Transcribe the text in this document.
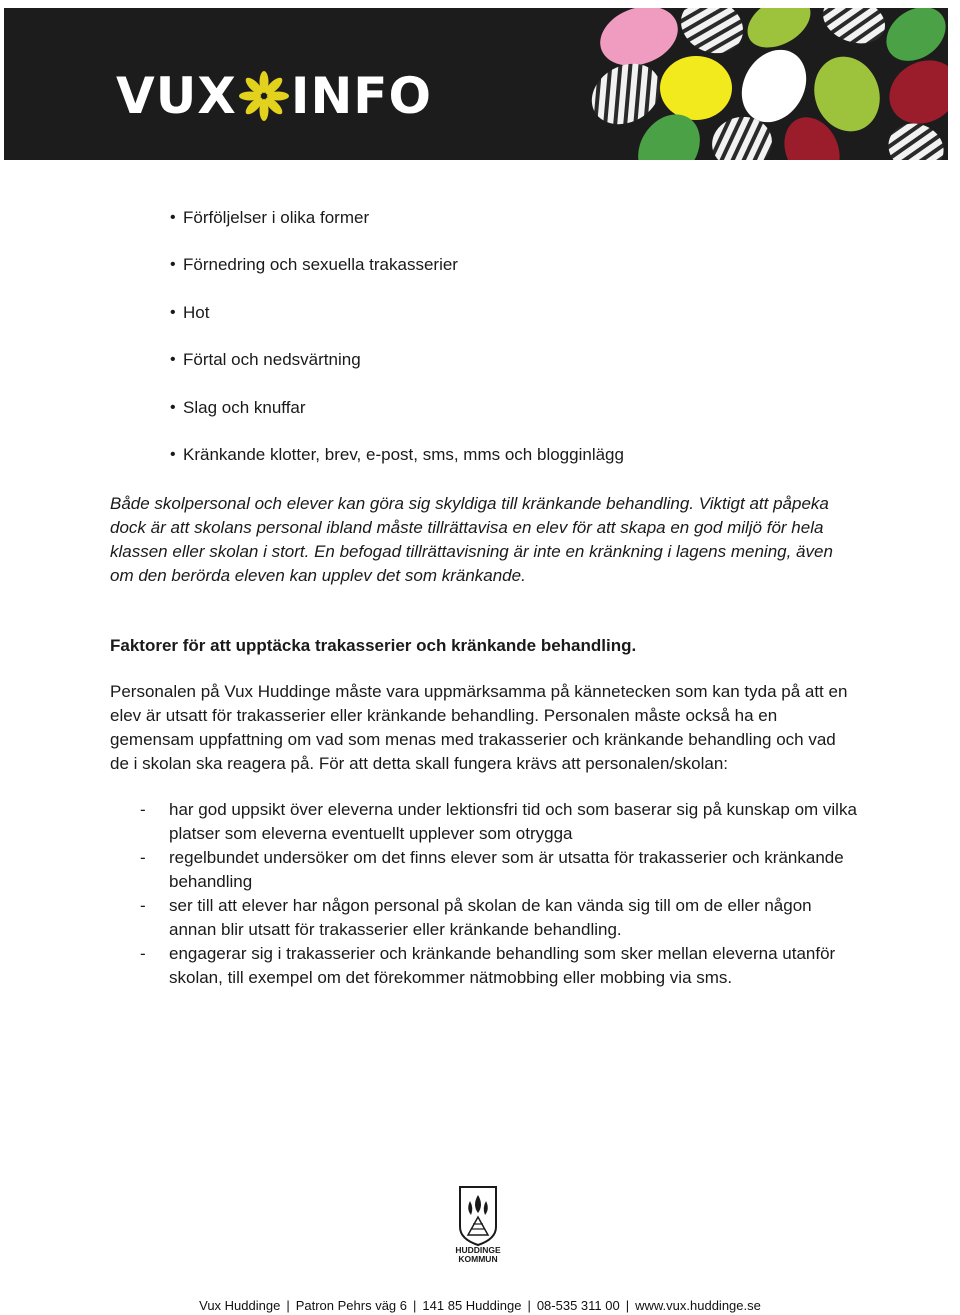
VUX INFO
• Förföljelser i olika former
• Förnedring och sexuella trakasserier
• Hot
• Förtal och nedsvärtning
• Slag och knuffar
• Kränkande klotter, brev, e-post, sms, mms och blogginlägg

Både skolpersonal och elever kan göra sig skyldiga till kränkande behandling. Viktigt att påpeka dock är att skolans personal ibland måste tillrättavisa en elev för att skapa en god miljö för hela klassen eller skolan i stort. En befogad tillrättavisning är inte en kränkning i lagens mening, även om den berörda eleven kan upplev det som kränkande.

Faktorer för att upptäcka trakasserier och kränkande behandling.

Personalen på Vux Huddinge måste vara uppmärksamma på kännetecken som kan tyda på att en elev är utsatt för trakasserier eller kränkande behandling. Personalen måste också ha en gemensam uppfattning om vad som menas med trakasserier och kränkande behandling och vad de i skolan ska reagera på. För att detta skall fungera krävs att personalen/skolan:

-	har god uppsikt över eleverna under lektionsfri tid och som baserar sig på kunskap om vilka platser som eleverna eventuellt upplever som otrygga
-	regelbundet undersöker om det finns elever som är utsatta för trakasserier och kränkande behandling
-	ser till att elever har någon personal på skolan de kan vända sig till om de eller någon annan blir utsatt för trakasserier eller kränkande behandling.
-	engagerar sig i trakasserier och kränkande behandling som sker mellan eleverna utanför skolan, till exempel om det förekommer nätmobbing eller mobbing via sms.
HUDDINGE
KOMMUN
Vux Huddinge | Patron Pehrs väg 6 | 141 85 Huddinge | 08-535 311 00 | www.vux.huddinge.se
